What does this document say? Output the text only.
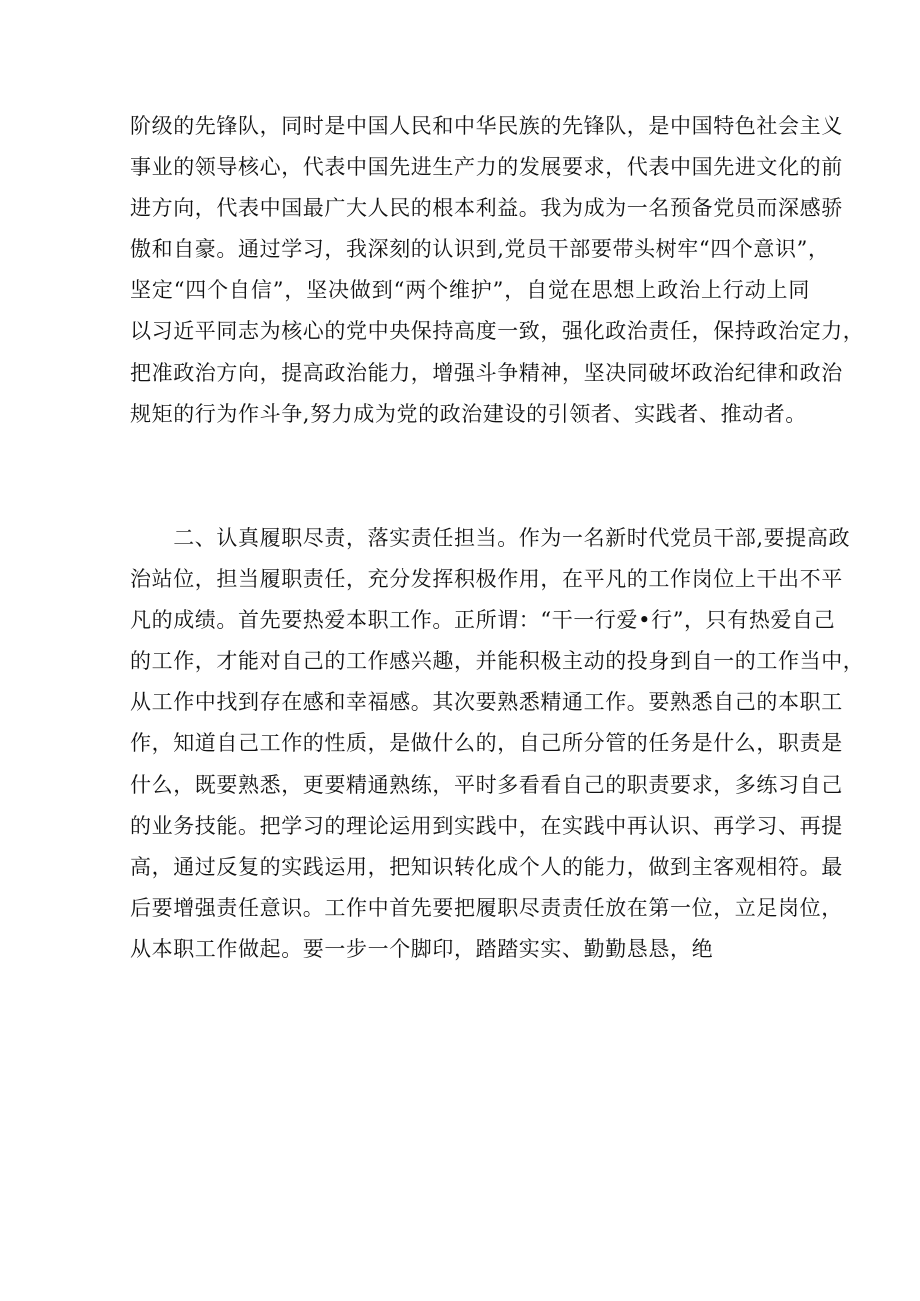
阶级的先锋队，同时是中国人民和中华民族的先锋队，是中国特色社会主义
事业的领导核心，代表中国先进生产力的发展要求，代表中国先进文化的前
进方向，代表中国最广大人民的根本利益。我为成为一名预备党员而深感骄
傲和自豪。通过学习，我深刻的认识到,党员干部要带头树牢“四个意识”，
坚定“四个自信”，坚决做到“两个维护”，自觉在思想上政治上行动上同
以习近平同志为核心的党中央保持高度一致，强化政治责任，保持政治定力，
把准政治方向，提高政治能力，增强斗争精神，坚决同破坏政治纪律和政治
规矩的行为作斗争,努力成为党的政治建设的引领者、实践者、推动者。
　　二、认真履职尽责，落实责任担当。作为一名新时代党员干部,要提高政
治站位，担当履职责任，充分发挥积极作用，在平凡的工作岗位上干出不平
凡的成绩。首先要热爱本职工作。正所谓：“干一行爱•行”，只有热爱自己
的工作，才能对自己的工作感兴趣，并能积极主动的投身到自一的工作当中，
从工作中找到存在感和幸福感。其次要熟悉精通工作。要熟悉自己的本职工
作，知道自己工作的性质，是做什么的，自己所分管的任务是什么，职责是
什么，既要熟悉，更要精通熟练，平时多看看自己的职责要求，多练习自己
的业务技能。把学习的理论运用到实践中，在实践中再认识、再学习、再提
高，通过反复的实践运用，把知识转化成个人的能力，做到主客观相符。最
后要增强责任意识。工作中首先要把履职尽责责任放在第一位，立足岗位，
从本职工作做起。要一步一个脚印，踏踏实实、勤勤恳恳，绝
